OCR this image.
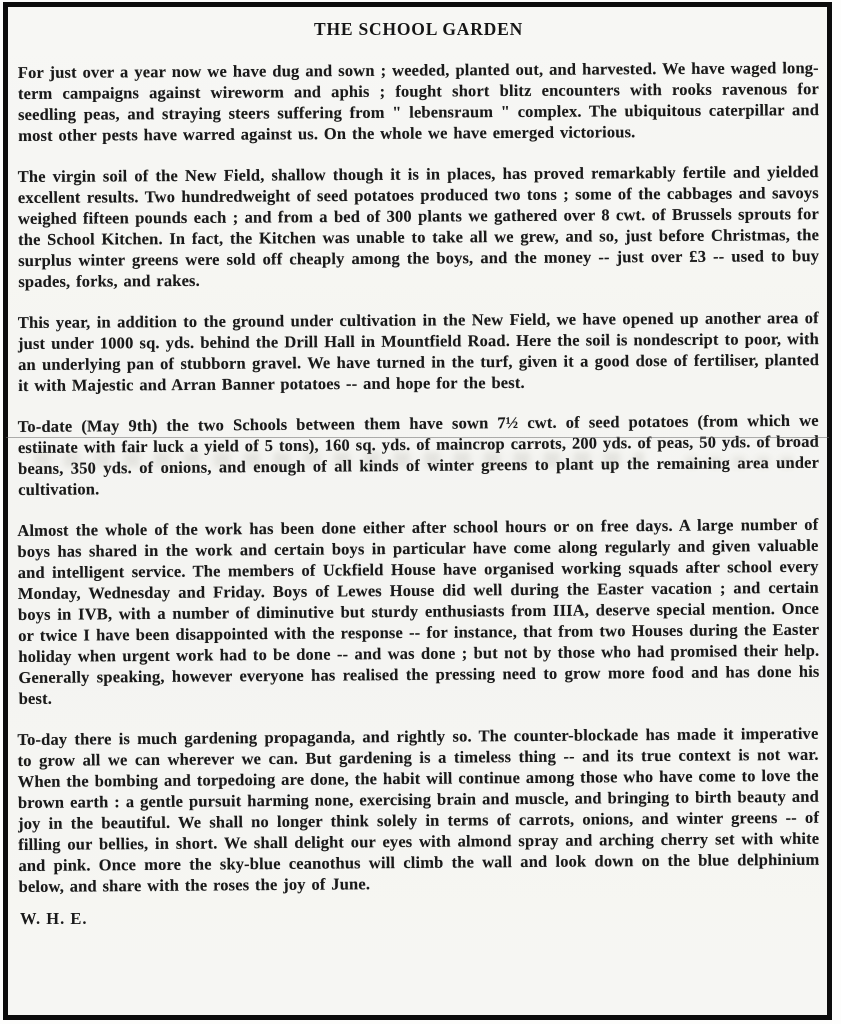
THE SCHOOL GARDEN

For just over a year now we have dug and sown ; weeded, planted out, and harvested. We have waged long-term campaigns against wireworm and aphis ; fought short blitz encounters with rooks ravenous for seedling peas, and straying steers suffering from " lebensraum " complex. The ubiquitous caterpillar and most other pests have warred against us. On the whole we have emerged victorious.

The virgin soil of the New Field, shallow though it is in places, has proved remarkably fertile and yielded excellent results. Two hundredweight of seed potatoes produced two tons ; some of the cabbages and savoys weighed fifteen pounds each ; and from a bed of 300 plants we gathered over 8 cwt. of Brussels sprouts for the School Kitchen. In fact, the Kitchen was unable to take all we grew, and so, just before Christmas, the surplus winter greens were sold off cheaply among the boys, and the money -- just over £3 -- used to buy spades, forks, and rakes.

This year, in addition to the ground under cultivation in the New Field, we have opened up another area of just under 1000 sq. yds. behind the Drill Hall in Mountfield Road. Here the soil is nondescript to poor, with an underlying pan of stubborn gravel. We have turned in the turf, given it a good dose of fertiliser, planted it with Majestic and Arran Banner potatoes -- and hope for the best.

To-date (May 9th) the two Schools between them have sown 7½ cwt. of seed potatoes (from which we estiinate with fair luck a yield of 5 tons), 160 sq. yds. of maincrop carrots, 200 yds. of peas, 50 yds. of broad beans, 350 yds. of onions, and enough of all kinds of winter greens to plant up the remaining area under cultivation.

Almost the whole of the work has been done either after school hours or on free days. A large number of boys has shared in the work and certain boys in particular have come along regularly and given valuable and intelligent service. The members of Uckfield House have organised working squads after school every Monday, Wednesday and Friday. Boys of Lewes House did well during the Easter vacation ; and certain boys in IVB, with a number of diminutive but sturdy enthusiasts from IIIA, deserve special mention. Once or twice I have been disappointed with the response -- for instance, that from two Houses during the Easter holiday when urgent work had to be done -- and was done ; but not by those who had promised their help. Generally speaking, however everyone has realised the pressing need to grow more food and has done his best.

To-day there is much gardening propaganda, and rightly so. The counter-blockade has made it imperative to grow all we can wherever we can. But gardening is a timeless thing -- and its true context is not war. When the bombing and torpedoing are done, the habit will continue among those who have come to love the brown earth : a gentle pursuit harming none, exercising brain and muscle, and bringing to birth beauty and joy in the beautiful. We shall no longer think solely in terms of carrots, onions, and winter greens -- of filling our bellies, in short. We shall delight our eyes with almond spray and arching cherry set with white and pink. Once more the sky-blue ceanothus will climb the wall and look down on the blue delphinium below, and share with the roses the joy of June.

W. H. E.
